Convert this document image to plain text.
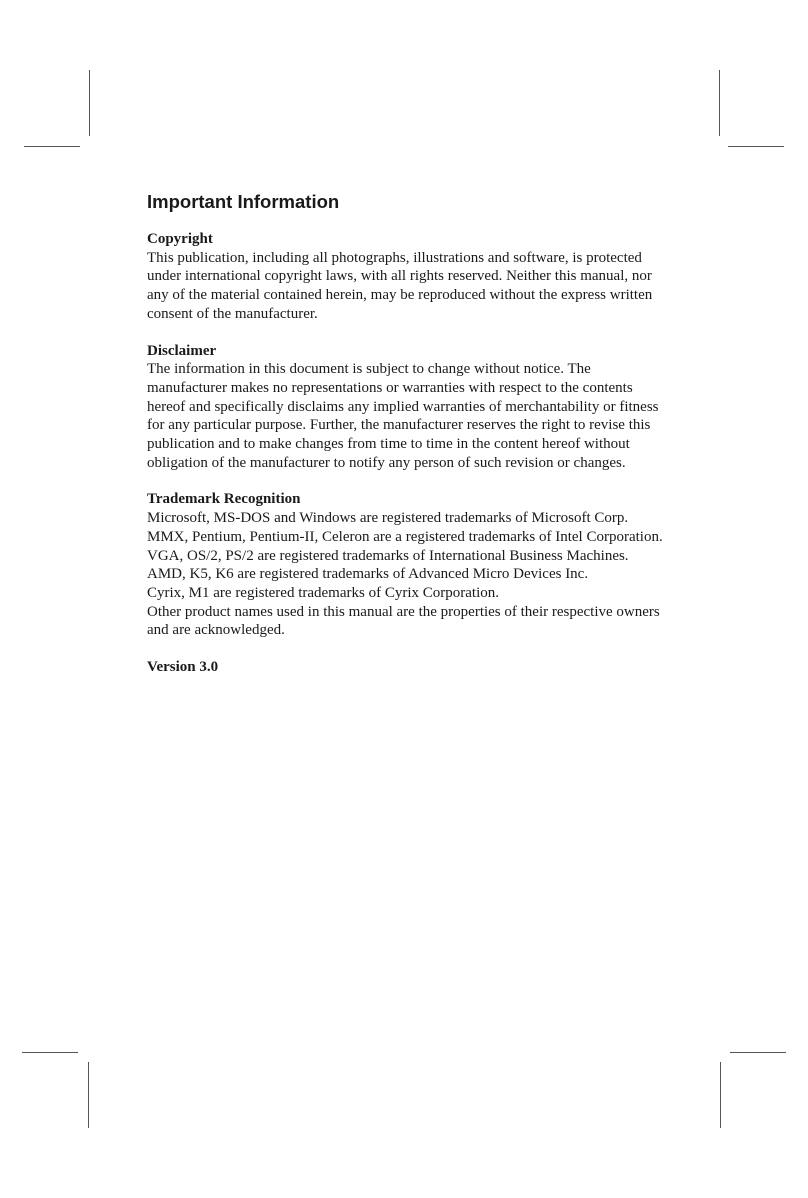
Important Information
Copyright
This publication, including all photographs, illustrations and software, is protected
under international copyright laws, with all rights reserved. Neither this manual, nor
any of the material contained herein, may be reproduced without the express written
consent of the manufacturer.
Disclaimer
The information in this document is subject to change without notice. The
manufacturer makes no representations or warranties with respect to the contents
hereof and specifically disclaims any implied warranties of merchantability or fitness
for any particular purpose. Further, the manufacturer reserves the right to revise this
publication and to make changes from time to time in the content hereof without
obligation of the manufacturer to notify any person of such revision or changes.
Trademark Recognition
Microsoft, MS-DOS and Windows are registered trademarks of Microsoft Corp.
MMX, Pentium, Pentium-II, Celeron are a registered trademarks of Intel Corporation.
VGA, OS/2, PS/2 are registered trademarks of International Business Machines.
AMD, K5, K6 are registered trademarks of Advanced Micro Devices Inc.
Cyrix, M1 are registered trademarks of Cyrix Corporation.
Other product names used in this manual are the properties of their respective owners
and are acknowledged.
Version 3.0
